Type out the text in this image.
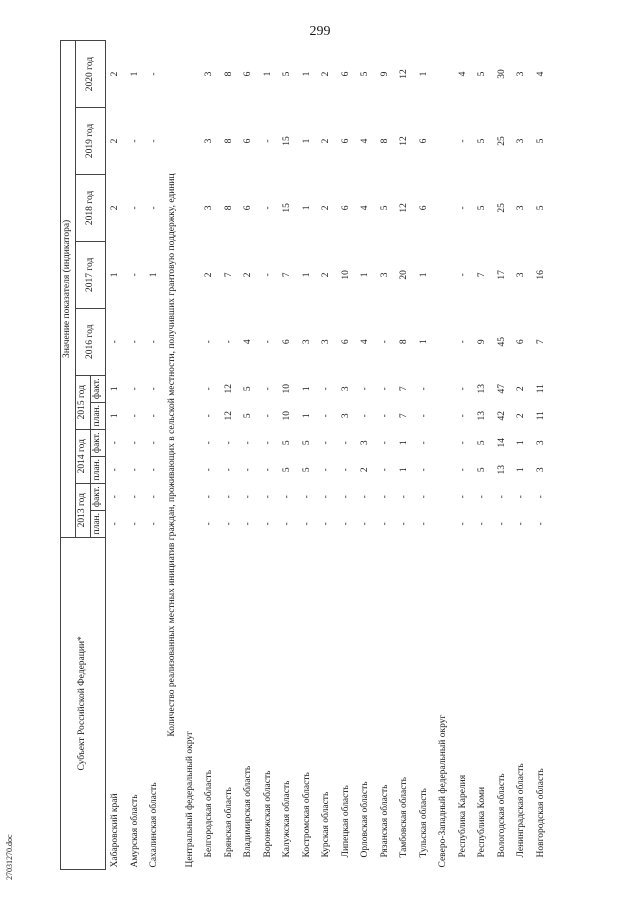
299
27031270.doc
Субъект Российской Федерации*	Значение показателя (индикатора)										
	2013 год		2014 год		2015 год		2016 год	2017 год	2018 год	2019 год	2020 год
	план.	факт.	план.	факт.	план.	факт.					
Хабаровский край	-	-	-	-	1	1	-	1	2	2	2
Амурская область	-	-	-	-	-	-	-	-	-	-	1
Сахалинская область	-	-	-	-	-	-	-	1	-	-	-
Количество реализованных местных инициатив граждан, проживающих в сельской местности, получивших грантовую поддержку, единиц											
Центральный федеральный округ											
Белгородская область	-	-	-	-	-	-	-	2	3	3	3
Брянская область	-	-	-	-	12	12	-	7	8	8	8
Владимирская область	-	-	-	-	5	5	4	2	6	6	6
Воронежская область	-	-	-	-	-	-	-	-	-	-	1
Калужская область	-	-	5	5	10	10	6	7	15	15	5
Костромская область	-	-	5	5	1	1	3	1	1	1	1
Курская область	-	-	-	-	-	-	3	2	2	2	2
Липецкая область	-	-	-	-	3	3	6	10	6	6	6
Орловская область	-	-	2	3	-	-	4	1	4	4	5
Рязанская область	-	-	-	-	-	-	-	3	5	8	9
Тамбовская область	-	-	1	1	7	7	8	20	12	12	12
Тульская область	-	-	-	-	-	-	1	1	6	6	1
Северо-Западный федеральный округ											
Республика Карелия	-	-	-	-	-	-	-	-	-	-	4
Республика Коми	-	-	5	5	13	13	9	7	5	5	5
Вологодская область	-	-	13	14	42	47	45	17	25	25	30
Ленинградская область	-	-	1	1	2	2	6	3	3	3	3
Новгородская область	-	-	3	3	11	11	7	16	5	5	4
